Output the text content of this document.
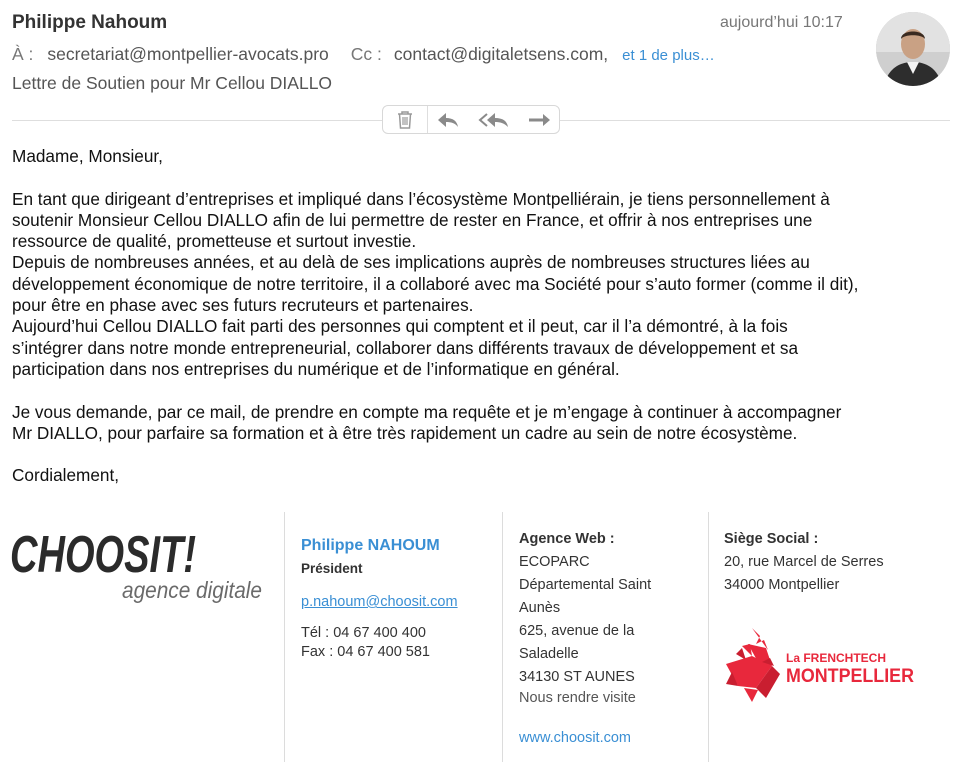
Philippe Nahoum	aujourd’hui 10:17
À : secretariat@montpellier-avocats.pro Cc : contact@digitaletsens.com, et 1 de plus…
Lettre de Soutien pour Mr Cellou DIALLO

Madame, Monsieur,

En tant que dirigeant d’entreprises et impliqué dans l’écosystème Montpelliérain, je tiens personnellement à

soutenir Monsieur Cellou DIALLO afin de lui permettre de rester en France, et offrir à nos entreprises une

ressource de qualité, prometteuse et surtout investie.

Depuis de nombreuses années, et au delà de ses implications auprès de nombreuses structures liées au

développement économique de notre territoire, il a collaboré avec ma Société pour s’auto former (comme il dit),

pour être en phase avec ses futurs recruteurs et partenaires.

Aujourd’hui Cellou DIALLO fait parti des personnes qui comptent et il peut, car il l’a démontré, à la fois

s’intégrer dans notre monde entrepreneurial, collaborer dans différents travaux de développement et sa

participation dans nos entreprises du numérique et de l’informatique en général.

Je vous demande, par ce mail, de prendre en compte ma requête et je m’engage à continuer à accompagner

Mr DIALLO, pour parfaire sa formation et à être très rapidement un cadre au sein de notre écosystème.

Cordialement,

CHOOSIT!
agence digitale
Philippe NAHOUM
Président
p.nahoum@choosit.com
Tél : 04 67 400 400
Fax : 04 67 400 581
Agence Web :
ECOPARC
Départemental Saint
Aunès
625, avenue de la
Saladelle
34130 ST AUNES
Nous rendre visite
www.choosit.com
Siège Social :
20, rue Marcel de Serres
34000 Montpellier
La FRENCHTECH
MONTPELLIER
